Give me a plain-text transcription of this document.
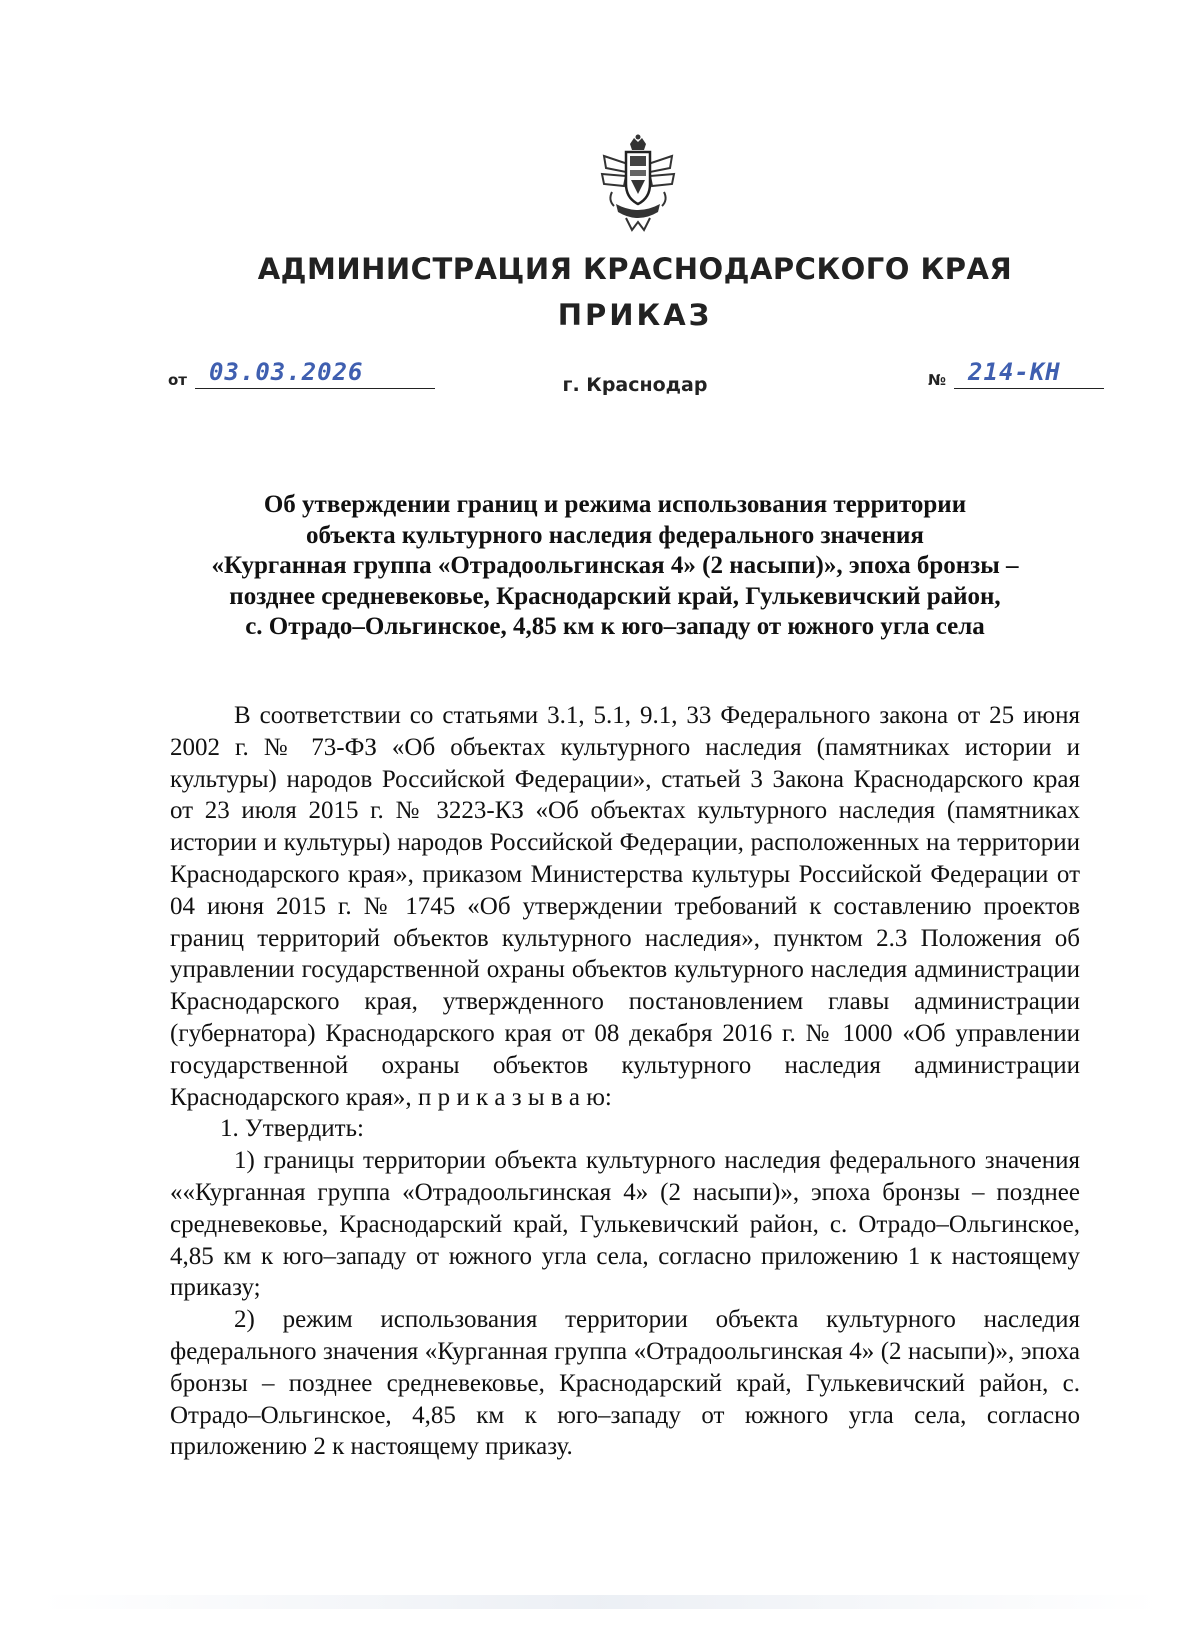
АДМИНИСТРАЦИЯ КРАСНОДАРСКОГО КРАЯ
ПРИКАЗ
от 03.03.2026	№ 214-КН
г. Краснодар
Об утверждении границ и режима использования территории
объекта культурного наследия федерального значения
«Курганная группа «Отрадоольгинская 4» (2 насыпи)», эпоха бронзы –
позднее средневековье, Краснодарский край, Гулькевичский район,
с. Отрадо–Ольгинское, 4,85 км к юго–западу от южного угла села

В соответствии со статьями 3.1, 5.1, 9.1, 33 Федерального закона от 25 июня 2002 г. № 73-ФЗ «Об объектах культурного наследия (памятниках истории и культуры) народов Российской Федерации», статьей 3 Закона Краснодарского края от 23 июля 2015 г. № 3223-КЗ «Об объектах культурного наследия (памятниках истории и культуры) народов Российской Федерации, расположенных на территории Краснодарского края», приказом Министерства культуры Российской Федерации от 04 июня 2015 г. № 1745 «Об утверждении требований к составлению проектов границ территорий объектов культурного наследия», пунктом 2.3 Положения об управлении государственной охраны объектов культурного наследия администрации Краснодарского края, утвержденного постановлением главы администрации (губернатора) Краснодарского края от 08 декабря 2016 г. № 1000 «Об управлении государственной охраны объектов культурного наследия администрации Краснодарского края», п р и к а з ы в а ю:

1. Утвердить:

1) границы территории объекта культурного наследия федерального значения ««Курганная группа «Отрадоольгинская 4» (2 насыпи)», эпоха бронзы – позднее средневековье, Краснодарский край, Гулькевичский район, с. Отрадо–Ольгинское, 4,85 км к юго–западу от южного угла села, согласно приложению 1 к настоящему приказу;

2) режим использования территории объекта культурного наследия федерального значения «Курганная группа «Отрадоольгинская 4» (2 насыпи)», эпоха бронзы – позднее средневековье, Краснодарский край, Гулькевичский район, с. Отрадо–Ольгинское, 4,85 км к юго–западу от южного угла села, согласно приложению 2 к настоящему приказу.
